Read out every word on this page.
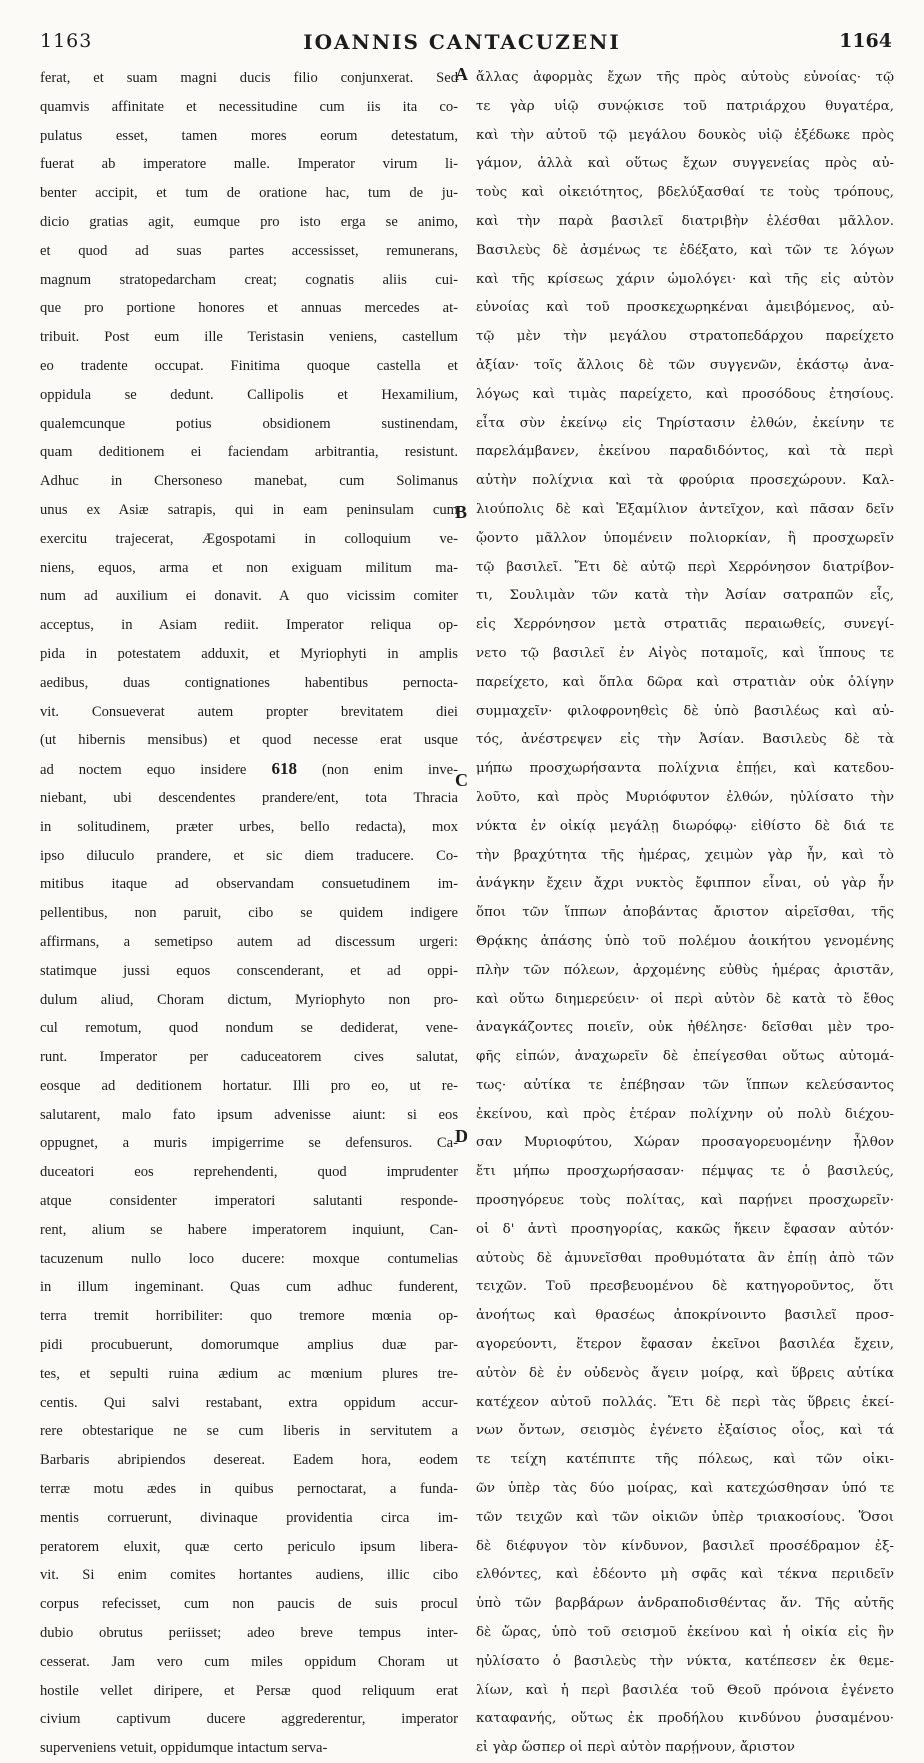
1163	IOANNIS CANTACUZENI	1164
ferat, et suam magni ducis filio conjunxerat. Sed
quamvis affinitate et necessitudine cum iis ita co-
pulatus esset, tamen mores eorum detestatum,
fuerat ab imperatore malle. Imperator virum li-
benter accipit, et tum de oratione hac, tum de ju-
dicio gratias agit, eumque pro isto erga se animo,
et quod ad suas partes accessisset, remunerans,
magnum stratopedarcham creat; cognatis aliis cui-
que pro portione honores et annuas mercedes at-
tribuit. Post eum ille Teristasin veniens, castellum
eo tradente occupat. Finitima quoque castella et
oppidula se dedunt. Callipolis et Hexamilium,
qualemcunque potius obsidionem sustinendam,
quam deditionem ei faciendam arbitrantia, resistunt.
Adhuc in Chersoneso manebat, cum Solimanus
unus ex Asiæ satrapis, qui in eam peninsulam cum
exercitu trajecerat, Ægospotami in colloquium ve-
niens, equos, arma et non exiguam militum ma-
num ad auxilium ei donavit. A quo vicissim comiter
acceptus, in Asiam rediit. Imperator reliqua op-
pida in potestatem adduxit, et Myriophyti in amplis
aedibus, duas contignationes habentibus pernocta-
vit. Consueverat autem propter brevitatem diei
(ut hibernis mensibus) et quod necesse erat usque
ad noctem equo insidere 618 (non enim inve-
niebant, ubi descendentes prandere/ent, tota Thracia
in solitudinem, præter urbes, bello redacta), mox
ipso diluculo prandere, et sic diem traducere. Co-
mitibus itaque ad observandam consuetudinem im-
pellentibus, non paruit, cibo se quidem indigere
affirmans, a semetipso autem ad discessum urgeri:
statimque jussi equos conscenderant, et ad oppi-
dulum aliud, Choram dictum, Myriophyto non pro-
cul remotum, quod nondum se dediderat, vene-
runt. Imperator per caduceatorem cives salutat,
eosque ad deditionem hortatur. Illi pro eo, ut re-
salutarent, malo fato ipsum advenisse aiunt: si eos
oppugnet, a muris impigerrime se defensuros. Ca-
duceatori eos reprehendenti, quod imprudenter
atque considenter imperatori salutanti responde-
rent, alium se habere imperatorem inquiunt, Can-
tacuzenum nullo loco ducere: moxque contumelias
in illum ingeminant. Quas cum adhuc funderent,
terra tremit horribiliter: quo tremore mœnia op-
pidi procubuerunt, domorumque amplius duæ par-
tes, et sepulti ruina ædium ac mœnium plures tre-
centis. Qui salvi restabant, extra oppidum accur-
rere obtestarique ne se cum liberis in servitutem a
Barbaris abripiendos desereat. Eadem hora, eodem
terræ motu ædes in quibus pernoctarat, a funda-
mentis corruerunt, divinaque providentia circa im-
peratorem eluxit, quæ certo periculo ipsum libera-
vit. Si enim comites hortantes audiens, illic cibo
corpus refecisset, cum non paucis de suis procul
dubio obrutus periisset; adeo breve tempus inter-
cesserat. Jam vero cum miles oppidum Choram ut
hostile vellet diripere, et Persæ quod reliquum erat
civium captivum ducere aggrederentur, imperator
superveniens vetuit, oppidumque intactum serva-
ἄλλας ἀφορμὰς ἔχων τῆς πρὸς αὐτοὺς εὐνοίας· τῷ
τε γὰρ υἱῷ συνῴκισε τοῦ πατριάρχου θυγατέρα,
καὶ τὴν αὐτοῦ τῷ μεγάλου δουκὸς υἱῷ ἐξέδωκε πρὸς
γάμον, ἀλλὰ καὶ οὕτως ἔχων συγγενείας πρὸς αὐ-
τοὺς καὶ οἰκειότητος, βδελύξασθαί τε τοὺς τρόπους,
καὶ τὴν παρὰ βασιλεῖ διατριβὴν ἑλέσθαι μᾶλλον.
Βασιλεὺς δὲ ἀσμένως τε ἐδέξατο, καὶ τῶν τε λόγων
καὶ τῆς κρίσεως χάριν ὡμολόγει· καὶ τῆς εἰς αὐτὸν
εὐνοίας καὶ τοῦ προσκεχωρηκέναι ἀμειβόμενος, αὐ-
τῷ μὲν τὴν μεγάλου στρατοπεδάρχου παρείχετο
ἀξίαν· τοῖς ἄλλοις δὲ τῶν συγγενῶν, ἑκάστῳ ἀνα-
λόγως καὶ τιμὰς παρείχετο, καὶ προσόδους ἐτησίους.
εἶτα σὺν ἐκείνῳ εἰς Τηρίστασιν ἐλθών, ἐκείνην τε
παρελάμβανεν, ἐκείνου παραδιδόντος, καὶ τὰ περὶ
αὐτὴν πολίχνια καὶ τὰ φρούρια προσεχώρουν. Καλ-
λιούπολις δὲ καὶ Ἑξαμίλιον ἀντεῖχον, καὶ πᾶσαν δεῖν
ᾤοντο μᾶλλον ὑπομένειν πολιορκίαν, ἢ προσχωρεῖν
τῷ βασιλεῖ. Ἔτι δὲ αὐτῷ περὶ Χερρόνησον διατρίβον-
τι, Σουλιμὰν τῶν κατὰ τὴν Ἀσίαν σατραπῶν εἷς,
εἰς Χερρόνησον μετὰ στρατιᾶς περαιωθείς, συνεγί-
νετο τῷ βασιλεῖ ἐν Αἰγὸς ποταμοῖς, καὶ ἵππους τε
παρείχετο, καὶ ὅπλα δῶρα καὶ στρατιὰν οὐκ ὀλίγην
συμμαχεῖν· φιλοφρονηθεὶς δὲ ὑπὸ βασιλέως καὶ αὐ-
τός, ἀνέστρεψεν εἰς τὴν Ἀσίαν. Βασιλεὺς δὲ τὰ
μήπω προσχωρήσαντα πολίχνια ἐπῄει, καὶ κατεδου-
λοῦτο, καὶ πρὸς Μυριόφυτον ἐλθών, ηὐλίσατο τὴν
νύκτα ἐν οἰκίᾳ μεγάλῃ διωρόφῳ· εἰθίστο δὲ διά τε
τὴν βραχύτητα τῆς ἡμέρας, χειμὼν γὰρ ἦν, καὶ τὸ
ἀνάγκην ἔχειν ἄχρι νυκτὸς ἔφιππον εἶναι, οὐ γὰρ ἦν
ὅποι τῶν ἵππων ἀποβάντας ἄριστον αἱρεῖσθαι, τῆς
Θρᾴκης ἁπάσης ὑπὸ τοῦ πολέμου ἀοικήτου γενομένης
πλὴν τῶν πόλεων, ἀρχομένης εὐθὺς ἡμέρας ἀριστᾶν,
καὶ οὕτω διημερεύειν· οἱ περὶ αὐτὸν δὲ κατὰ τὸ ἔθος
ἀναγκάζοντες ποιεῖν, οὐκ ἠθέλησε· δεῖσθαι μὲν τρο-
φῆς εἰπών, ἀναχωρεῖν δὲ ἐπείγεσθαι οὕτως αὐτομά-
τως· αὐτίκα τε ἐπέβησαν τῶν ἵππων κελεύσαντος
ἐκείνου, καὶ πρὸς ἑτέραν πολίχνην οὐ πολὺ διέχου-
σαν Μυριοφύτου, Χώραν προσαγορευομένην ἦλθον
ἔτι μήπω προσχωρήσασαν· πέμψας τε ὁ βασιλεύς,
προσηγόρευε τοὺς πολίτας, καὶ παρῄνει προσχωρεῖν·
οἱ δ' ἀντὶ προσηγορίας, κακῶς ἥκειν ἔφασαν αὐτόν·
αὐτοὺς δὲ ἀμυνεῖσθαι προθυμότατα ἂν ἐπίῃ ἀπὸ τῶν
τειχῶν. Τοῦ πρεσβευομένου δὲ κατηγοροῦντος, ὅτι
ἀνοήτως καὶ θρασέως ἀποκρίνοιντο βασιλεῖ προσ-
αγορεύοντι, ἕτερον ἔφασαν ἐκεῖνοι βασιλέα ἔχειν,
αὐτὸν δὲ ἐν οὐδενὸς ἄγειν μοίρᾳ, καὶ ὕβρεις αὐτίκα
κατέχεον αὐτοῦ πολλάς. Ἔτι δὲ περὶ τὰς ὕβρεις ἐκεί-
νων ὄντων, σεισμὸς ἐγένετο ἐξαίσιος οἷος, καὶ τά
τε τείχη κατέπιπτε τῆς πόλεως, καὶ τῶν οἰκι-
ῶν ὑπὲρ τὰς δύο μοίρας, καὶ κατεχώσθησαν ὑπό τε
τῶν τειχῶν καὶ τῶν οἰκιῶν ὑπὲρ τριακοσίους. Ὅσοι
δὲ διέφυγον τὸν κίνδυνον, βασιλεῖ προσέδραμον ἐξ-
ελθόντες, καὶ ἐδέοντο μὴ σφᾶς καὶ τέκνα περιιδεῖν
ὑπὸ τῶν βαρβάρων ἀνδραποδισθέντας ἄν. Τῆς αὐτῆς
δὲ ὥρας, ὑπὸ τοῦ σεισμοῦ ἐκείνου καὶ ἡ οἰκία εἰς ἣν
ηὐλίσατο ὁ βασιλεὺς τὴν νύκτα, κατέπεσεν ἐκ θεμε-
λίων, καὶ ἡ περὶ βασιλέα τοῦ Θεοῦ πρόνοια ἐγένετο
καταφανής, οὕτως ἐκ προδήλου κινδύνου ῥυσαμένου·
εἰ γὰρ ὥσπερ οἱ περὶ αὐτὸν παρῄνουν, ἄριστον
A
B
C
D
